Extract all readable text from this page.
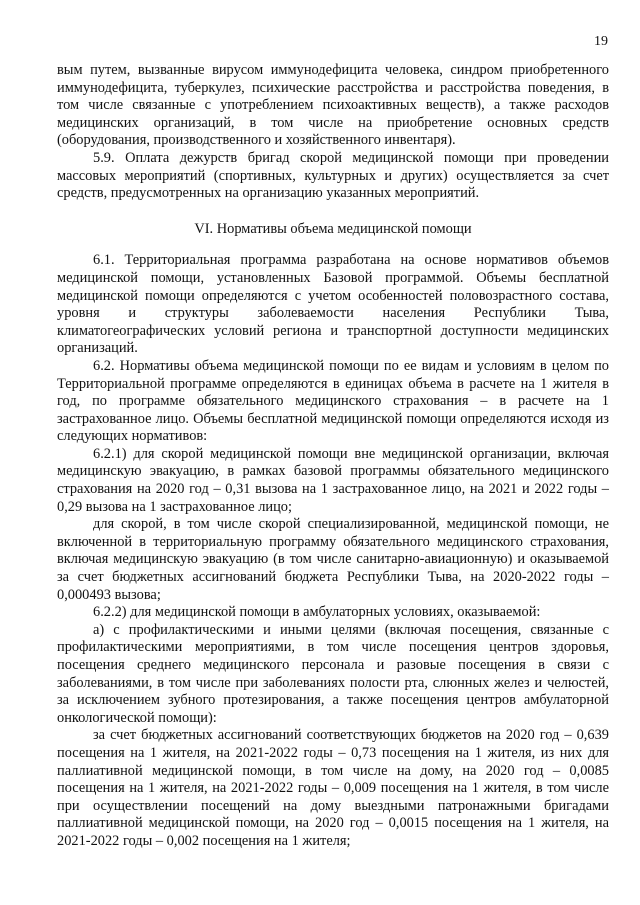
19

вым путем, вызванные вирусом иммунодефицита человека, синдром приобретенного иммунодефицита, туберкулез, психические расстройства и расстройства поведения, в том числе связанные с употреблением психоактивных веществ), а также расходов медицинских организаций, в том числе на приобретение основных средств (оборудования, производственного и хозяйственного инвентаря).

5.9. Оплата дежурств бригад скорой медицинской помощи при проведении массовых мероприятий (спортивных, культурных и других) осуществляется за счет средств, предусмотренных на организацию указанных мероприятий.

VI. Нормативы объема медицинской помощи

6.1. Территориальная программа разработана на основе нормативов объемов медицинской помощи, установленных Базовой программой. Объемы бесплатной медицинской помощи определяются с учетом особенностей половозрастного состава, уровня и структуры заболеваемости населения Республики Тыва, климатогеографических условий региона и транспортной доступности медицинских организаций.

6.2. Нормативы объема медицинской помощи по ее видам и условиям в целом по Территориальной программе определяются в единицах объема в расчете на 1 жителя в год, по программе обязательного медицинского страхования – в расчете на 1 застрахованное лицо. Объемы бесплатной медицинской помощи определяются исходя из следующих нормативов:

6.2.1) для скорой медицинской помощи вне медицинской организации, включая медицинскую эвакуацию, в рамках базовой программы обязательного медицинского страхования на 2020 год – 0,31 вызова на 1 застрахованное лицо, на 2021 и 2022 годы – 0,29 вызова на 1 застрахованное лицо;

для скорой, в том числе скорой специализированной, медицинской помощи, не включенной в территориальную программу обязательного медицинского страхования, включая медицинскую эвакуацию (в том числе санитарно-авиационную) и оказываемой за счет бюджетных ассигнований бюджета Республики Тыва, на 2020-2022 годы – 0,000493 вызова;

6.2.2) для медицинской помощи в амбулаторных условиях, оказываемой:

а) с профилактическими и иными целями (включая посещения, связанные с профилактическими мероприятиями, в том числе посещения центров здоровья, посещения среднего медицинского персонала и разовые посещения в связи с заболеваниями, в том числе при заболеваниях полости рта, слюнных желез и челюстей, за исключением зубного протезирования, а также посещения центров амбулаторной онкологической помощи):

за счет бюджетных ассигнований соответствующих бюджетов на 2020 год – 0,639 посещения на 1 жителя, на 2021-2022 годы – 0,73 посещения на 1 жителя, из них для паллиативной медицинской помощи, в том числе на дому, на 2020 год – 0,0085 посещения на 1 жителя, на 2021-2022 годы – 0,009 посещения на 1 жителя, в том числе при осуществлении посещений на дому выездными патронажными бригадами паллиативной медицинской помощи, на 2020 год – 0,0015 посещения на 1 жителя, на 2021-2022 годы – 0,002 посещения на 1 жителя;
